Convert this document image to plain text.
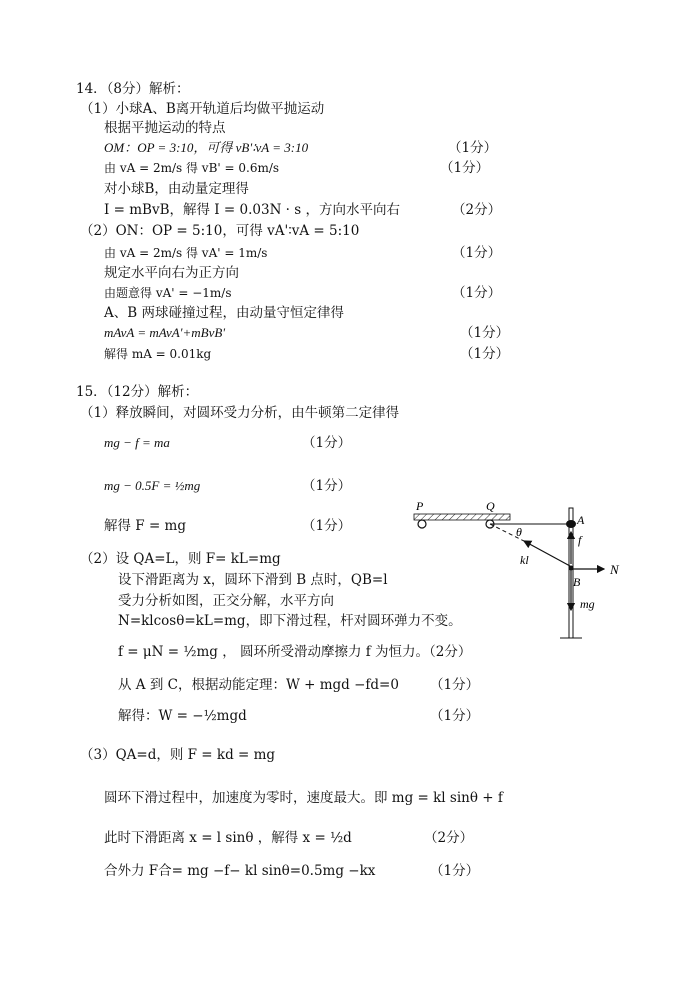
14．（8分）解析：
（1）小球A、B离开轨道后均做平抛运动
根据平抛运动的特点
OM：OP = 3:10，可得 vB'∶vA = 3:10	（1分）
由 vA = 2m/s 得 vB' = 0.6m/s	（1分）
对小球B，由动量定理得
I = mBvB，解得 I = 0.03N · s ，方向水平向右	（2分）
（2）ON：OP = 5:10，可得 vA'∶vA = 5:10
由 vA = 2m/s 得 vA' = 1m/s	（1分）
规定水平向右为正方向
由题意得 vA' = −1m/s	（1分）
A、B 两球碰撞过程，由动量守恒定律得
mAvA = mAvA'+mBvB'	（1分）
解得 mA = 0.01kg	（1分）
15．（12分）解析：
（1）释放瞬间，对圆环受力分析，由牛顿第二定律得
mg − f = ma	（1分）
mg − 0.5F = ½mg	（1分）
解得 F = mg	（1分）
（2）设 QA=L，则 F= kL=mg
设下滑距离为 x，圆环下滑到 B 点时，QB=l
受力分析如图，正交分解，水平方向
N=klcosθ=kL=mg，即下滑过程，杆对圆环弹力不变。
f = μN = ½mg ， 圆环所受滑动摩擦力 f 为恒力。（2分）
从 A 到 C，根据动能定理：W + mgd −fd=0 （1分）
解得：W = −½mgd	（1分）
（3）QA=d，则 F = kd = mg
圆环下滑过程中，加速度为零时，速度最大。即 mg = kl sinθ + f
此时下滑距离 x = l sinθ ，解得 x = ½d	（2分）
合外力 F合= mg −f− kl sinθ=0.5mg −kx	（1分）
P	Q
A
θ
kl
f
N
B
mg
